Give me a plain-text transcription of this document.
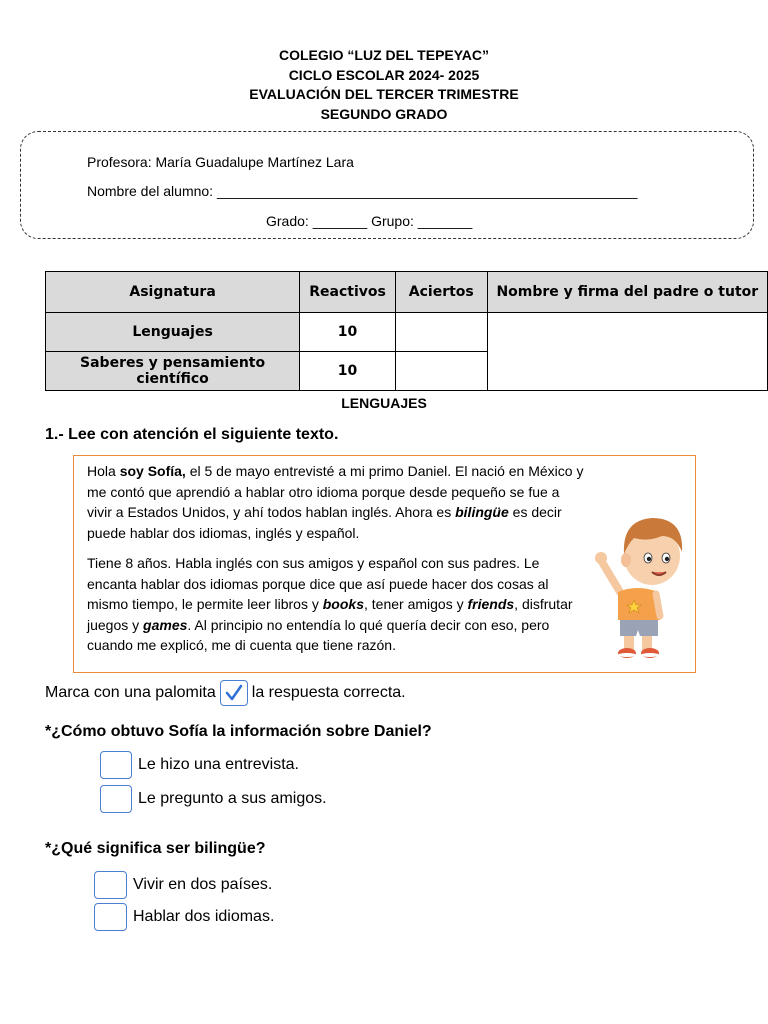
COLEGIO “LUZ DEL TEPEYAC”
CICLO ESCOLAR 2024- 2025
EVALUACIÓN DEL TERCER TRIMESTRE
SEGUNDO GRADO
Profesora: María Guadalupe Martínez Lara
Nombre del alumno: ______________________________________________________
Grado: _______ Grupo: _______
Asignatura	Reactivos	Aciertos	Nombre y firma del padre o tutor
Lenguajes	10		
Saberes y pensamiento científico	10		
LENGUAJES
1.- Lee con atención el siguiente texto.
Hola soy Sofía, el 5 de mayo entrevisté a mi primo Daniel. El nació en México y me contó que aprendió a hablar otro idioma porque desde pequeño se fue a vivir a Estados Unidos, y ahí todos hablan inglés. Ahora es bilingüe es decir puede hablar dos idiomas, inglés y español.
Tiene 8 años. Habla inglés con sus amigos y español con sus padres. Le encanta hablar dos idiomas porque dice que así puede hacer dos cosas al mismo tiempo, le permite leer libros y books, tener amigos y friends, disfrutar juegos y games. Al principio no entendía lo qué quería decir con eso, pero cuando me explicó, me di cuenta que tiene razón.
Marca con una palomita la respuesta correcta.
*¿Cómo obtuvo Sofía la información sobre Daniel?
Le hizo una entrevista.
Le pregunto a sus amigos.
*¿Qué significa ser bilingüe?
Vivir en dos países.
Hablar dos idiomas.
